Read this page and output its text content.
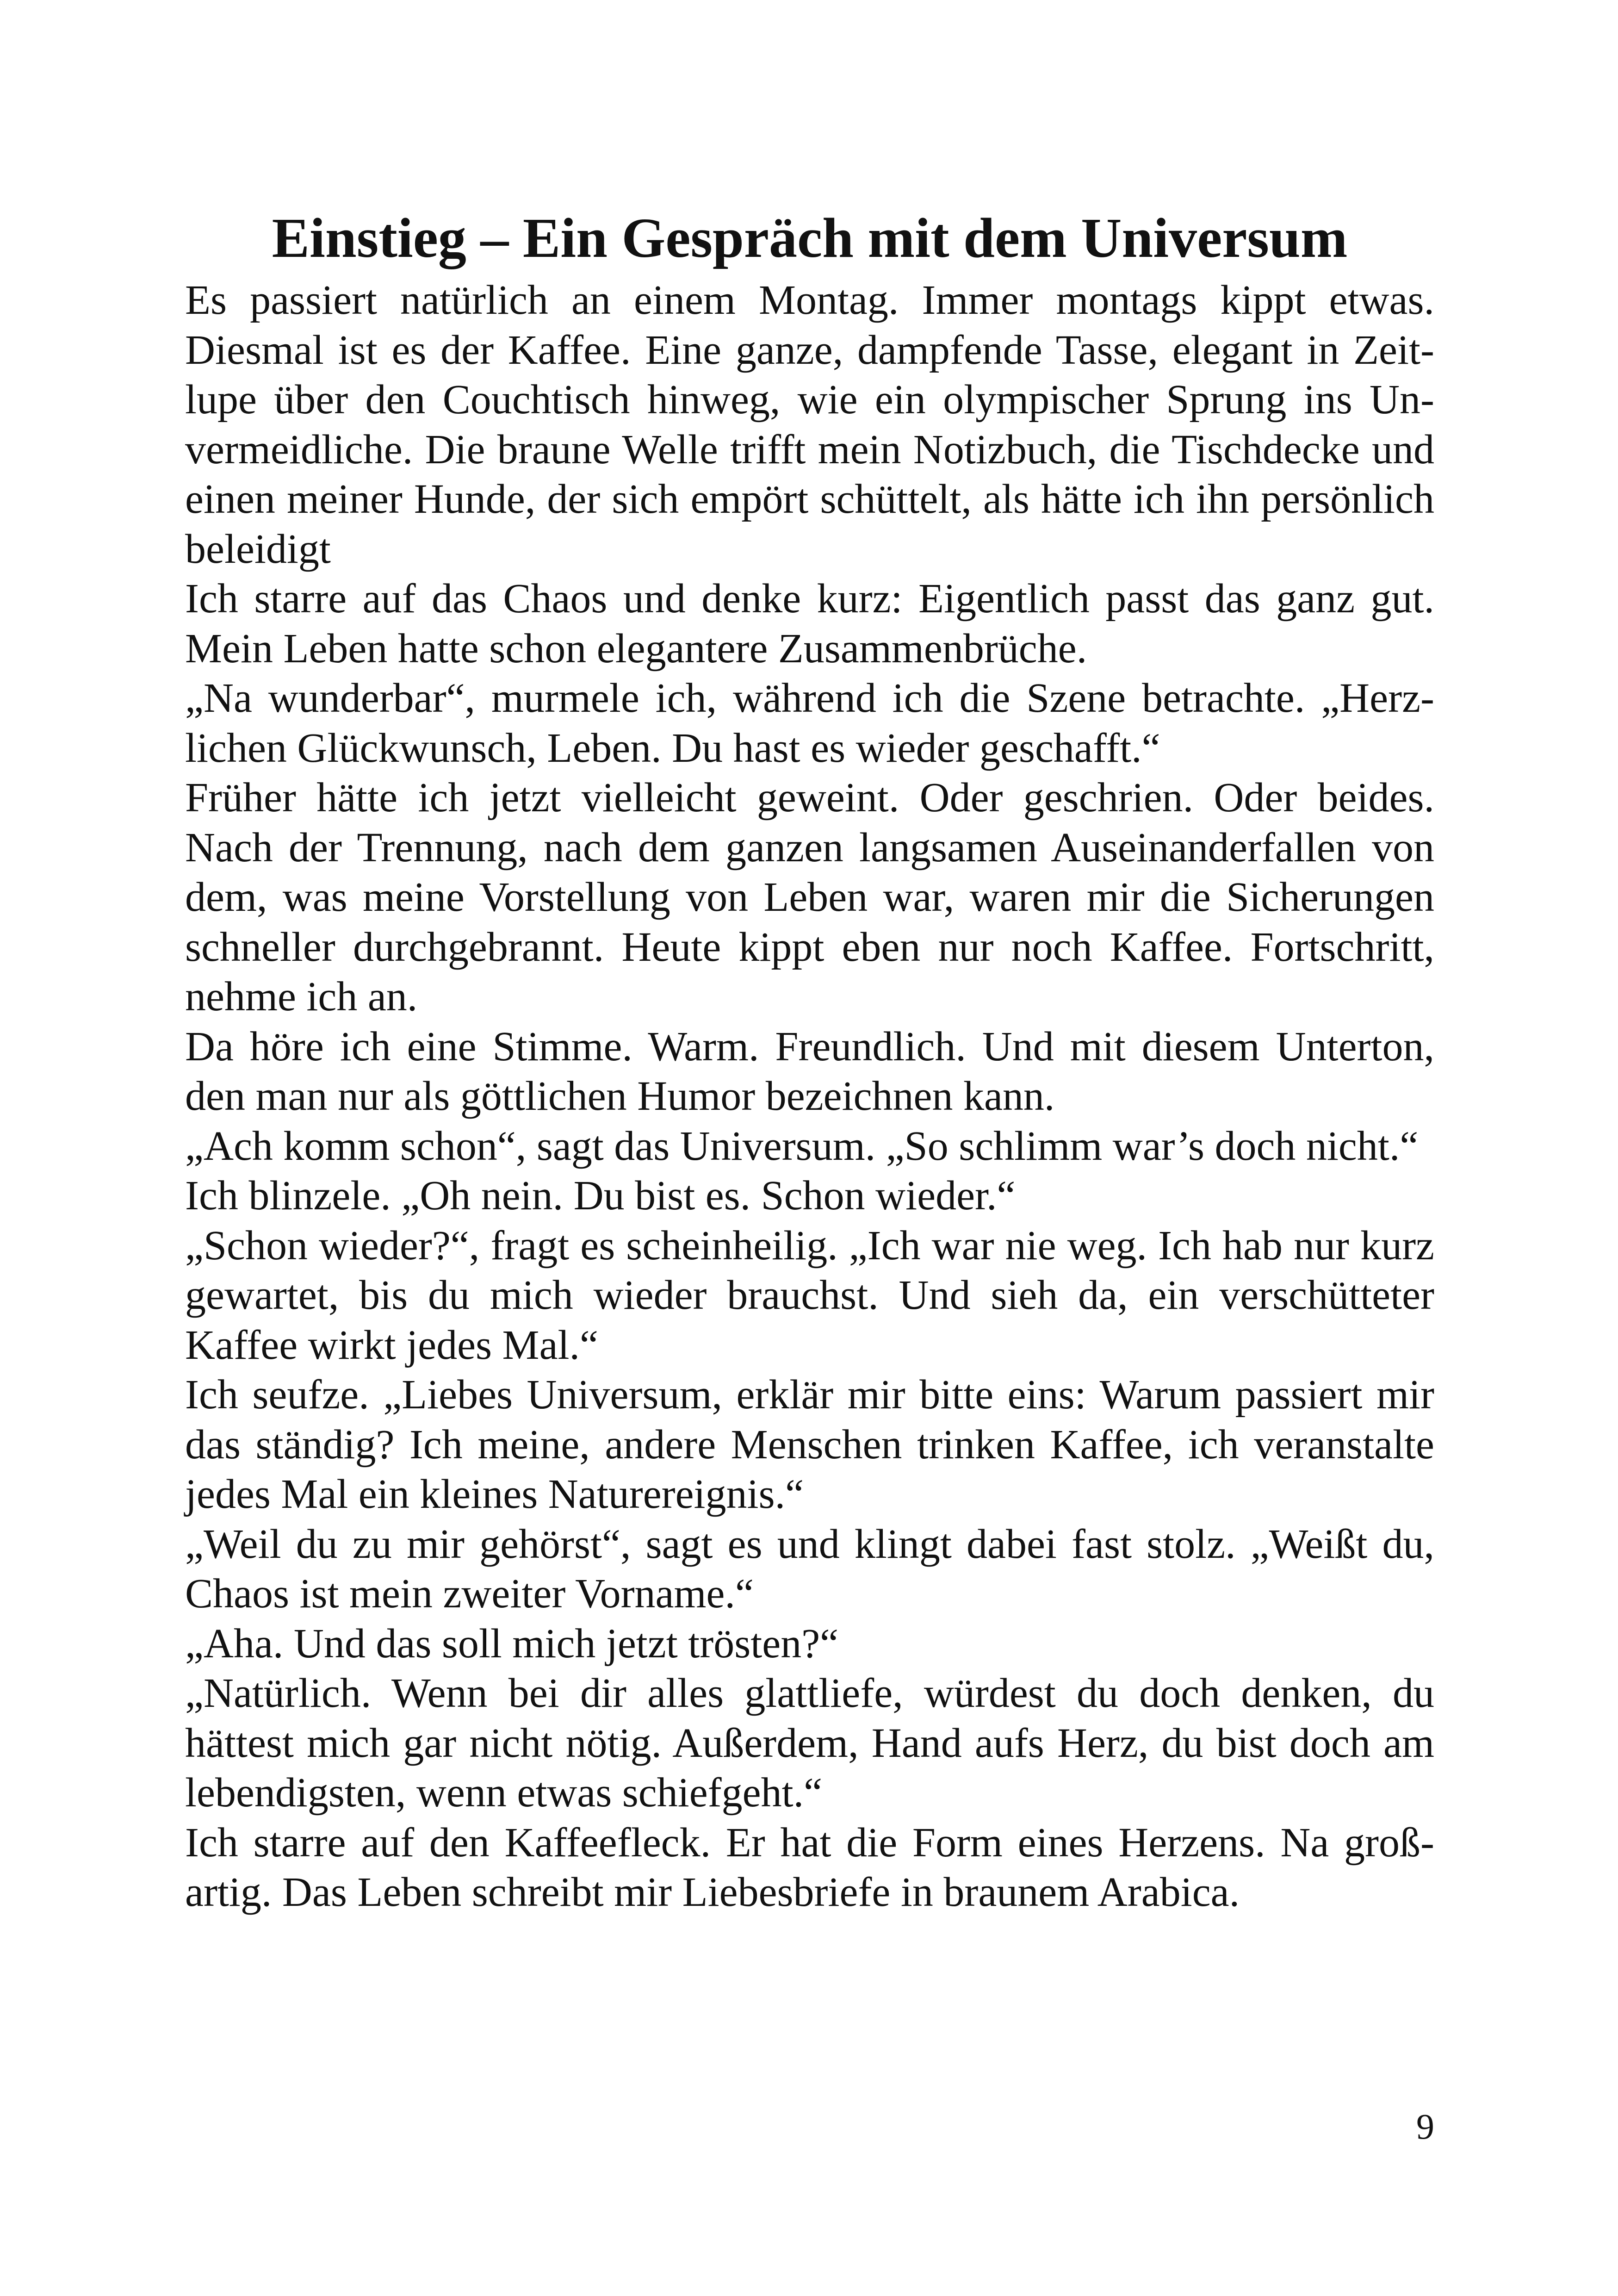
Einstieg – Ein Gespräch mit dem Universum

Es passiert natürlich an einem Montag. Immer montags kippt etwas. Diesmal ist es der Kaffee. Eine ganze, dampfende Tasse, elegant in Zeitlupe über den Couchtisch hinweg, wie ein olympischer Sprung ins Unvermeidliche. Die braune Welle trifft mein Notizbuch, die Tischdecke und einen meiner Hunde, der sich empört schüttelt, als hätte ich ihn persönlich beleidigt

Ich starre auf das Chaos und denke kurz: Eigentlich passt das ganz gut. Mein Leben hatte schon elegantere Zusammenbrüche.

„Na wunderbar“, murmele ich, während ich die Szene betrachte. „Herzlichen Glückwunsch, Leben. Du hast es wieder geschafft.“

Früher hätte ich jetzt vielleicht geweint. Oder geschrien. Oder beides. Nach der Trennung, nach dem ganzen langsamen Auseinanderfallen von dem, was meine Vorstellung von Leben war, waren mir die Sicherungen schneller durchgebrannt. Heute kippt eben nur noch Kaffee. Fortschritt, nehme ich an.

Da höre ich eine Stimme. Warm. Freundlich. Und mit diesem Unterton, den man nur als göttlichen Humor bezeichnen kann.

„Ach komm schon“, sagt das Universum. „So schlimm war’s doch nicht.“

Ich blinzele. „Oh nein. Du bist es. Schon wieder.“

„Schon wieder?“, fragt es scheinheilig. „Ich war nie weg. Ich hab nur kurz gewartet, bis du mich wieder brauchst. Und sieh da, ein verschütteter Kaffee wirkt jedes Mal.“

Ich seufze. „Liebes Universum, erklär mir bitte eins: Warum passiert mir das ständig? Ich meine, andere Menschen trinken Kaffee, ich veranstalte jedes Mal ein kleines Naturereignis.“

„Weil du zu mir gehörst“, sagt es und klingt dabei fast stolz. „Weißt du, Chaos ist mein zweiter Vorname.“

„Aha. Und das soll mich jetzt trösten?“

„Natürlich. Wenn bei dir alles glattliefe, würdest du doch denken, du hättest mich gar nicht nötig. Außerdem, Hand aufs Herz, du bist doch am lebendigsten, wenn etwas schiefgeht.“

Ich starre auf den Kaffeefleck. Er hat die Form eines Herzens. Na großartig. Das Leben schreibt mir Liebesbriefe in braunem Arabica.

9
